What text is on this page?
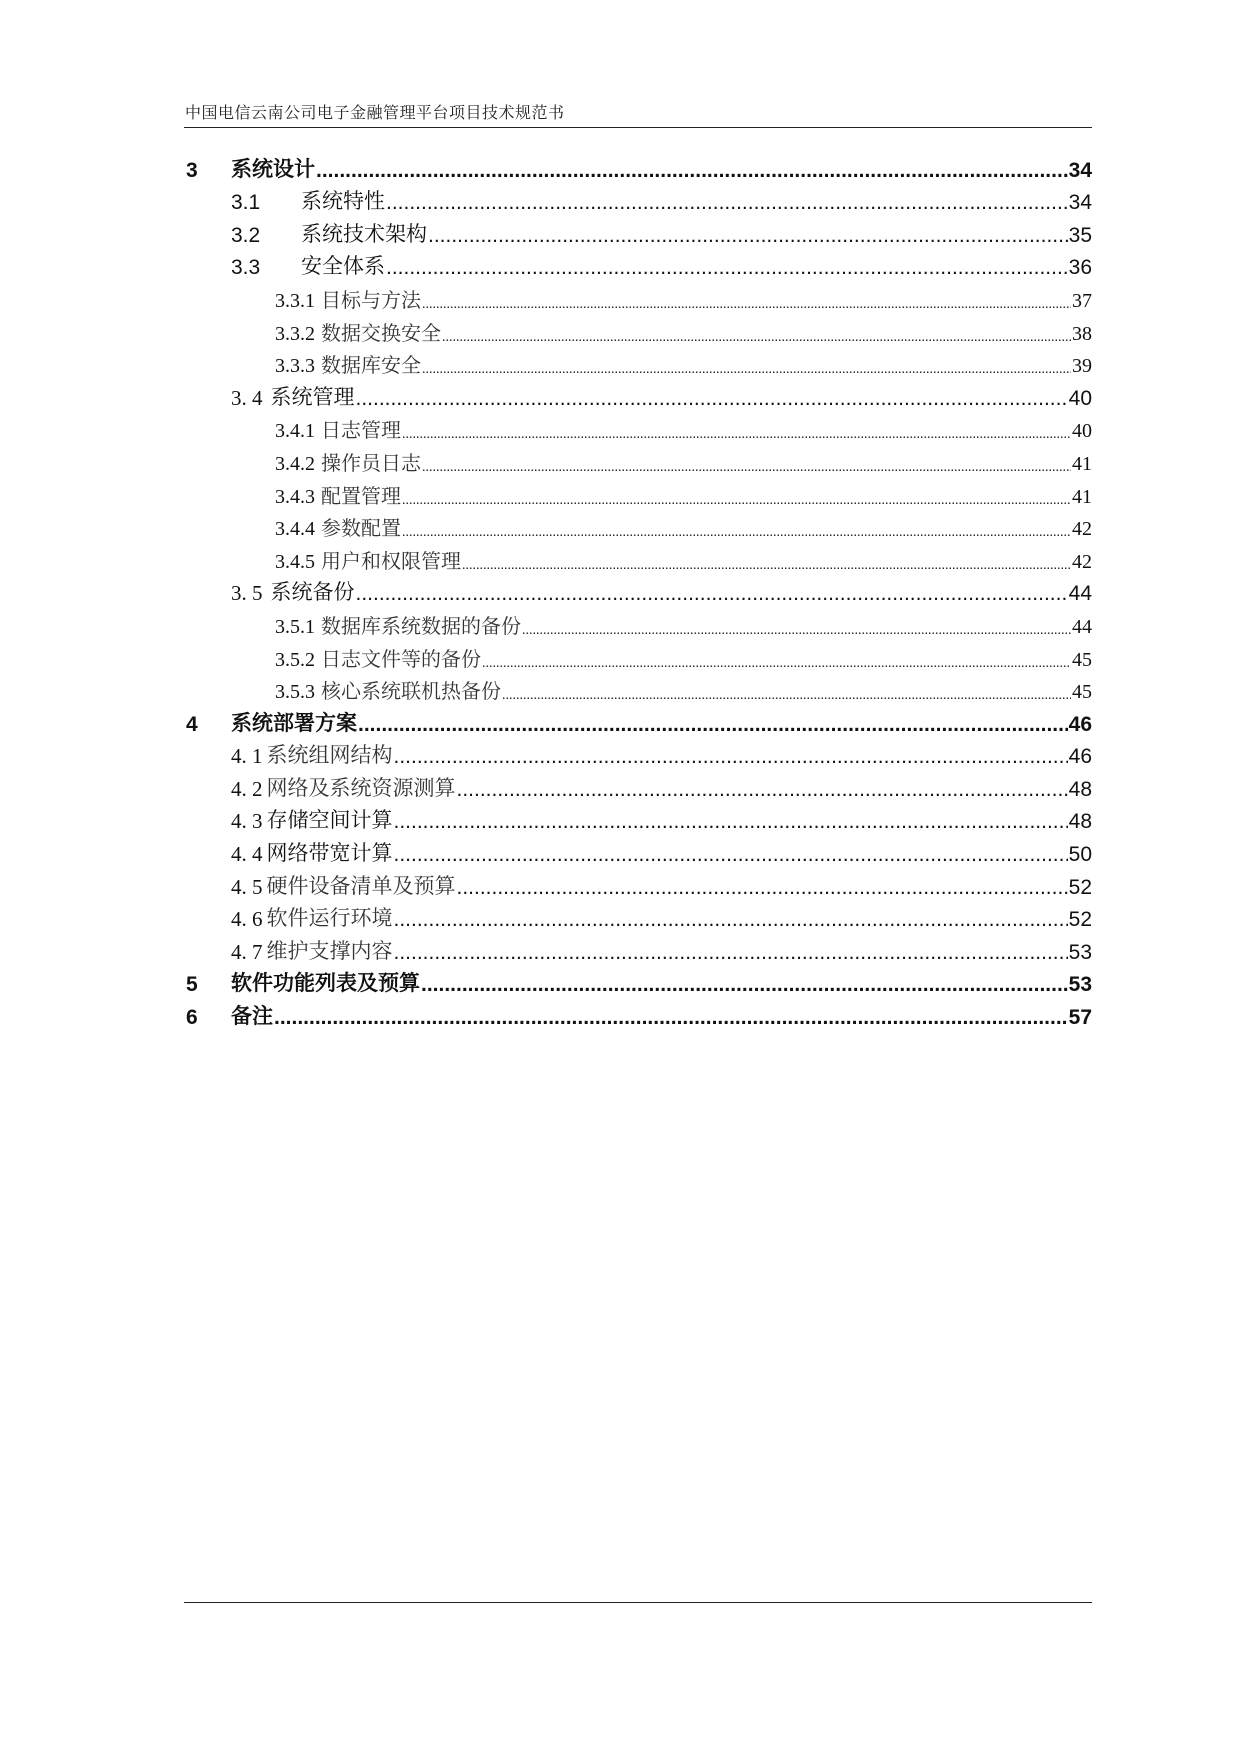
中国电信云南公司电子金融管理平台项目技术规范书
3	系统设计 .....	34
3.1	系统特性 .....	34
3.2	系统技术架构 .....	35
3.3	安全体系 .....	36
3.3.1 目标与方法 .....	37
3.3.2 数据交换安全 .....	38
3.3.3 数据库安全 .....	39
3. 4 系统管理 .....	40
3.4.1 日志管理 .....	40
3.4.2 操作员日志 .....	41
3.4.3 配置管理 .....	41
3.4.4 参数配置 .....	42
3.4.5 用户和权限管理 .....	42
3. 5 系统备份 .....	44
3.5.1 数据库系统数据的备份 .....	44
3.5.2 日志文件等的备份 .....	45
3.5.3 核心系统联机热备份 .....	45
4	系统部署方案 .....	46
4. 1 系统组网结构 .....	46
4. 2 网络及系统资源测算 .....	48
4. 3 存储空间计算 .....	48
4. 4 网络带宽计算 .....	50
4. 5 硬件设备清单及预算 .....	52
4. 6 软件运行环境 .....	52
4. 7 维护支撑内容 .....	53
5	软件功能列表及预算 .....	53
6	备注 .....	57
